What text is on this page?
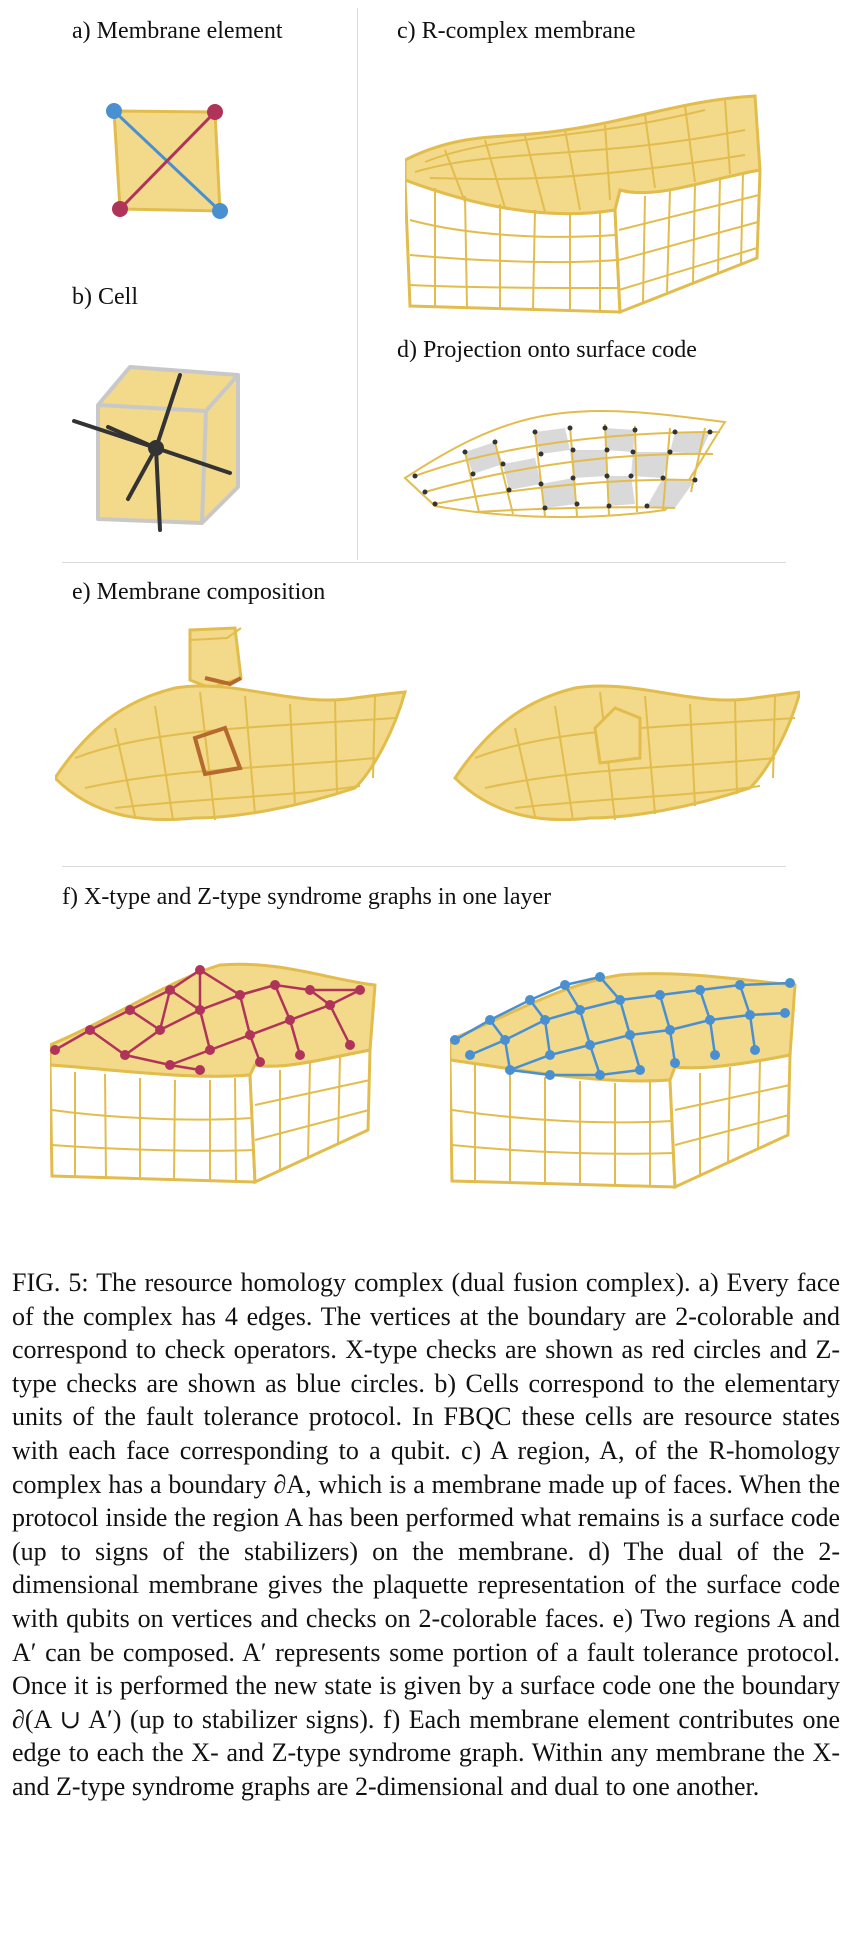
a) Membrane element	c) R-complex membrane
b) Cell
d) Projection onto surface code
e) Membrane composition
f) X-type and Z-type syndrome graphs in one layer
FIG. 5: The resource homology complex (dual fusion complex). a) Every face of the complex has 4 edges. The vertices at the boundary are 2-colorable and correspond to check operators. X-type checks are shown as red circles and Z-type checks are shown as blue circles. b) Cells correspond to the elementary units of the fault tolerance protocol. In FBQC these cells are resource states with each face corresponding to a qubit. c) A region, A, of the R-homology complex has a boundary ∂A, which is a membrane made up of faces. When the protocol inside the region A has been performed what remains is a surface code (up to signs of the stabilizers) on the membrane. d) The dual of the 2-dimensional membrane gives the plaquette representation of the surface code with qubits on vertices and checks on 2-colorable faces. e) Two regions A and A′ can be composed. A′ represents some portion of a fault tolerance protocol. Once it is performed the new state is given by a surface code one the boundary ∂(A ∪ A′) (up to stabilizer signs). f) Each membrane element contributes one edge to each the X- and Z-type syndrome graph. Within any membrane the X- and Z-type syndrome graphs are 2-dimensional and dual to one another.
